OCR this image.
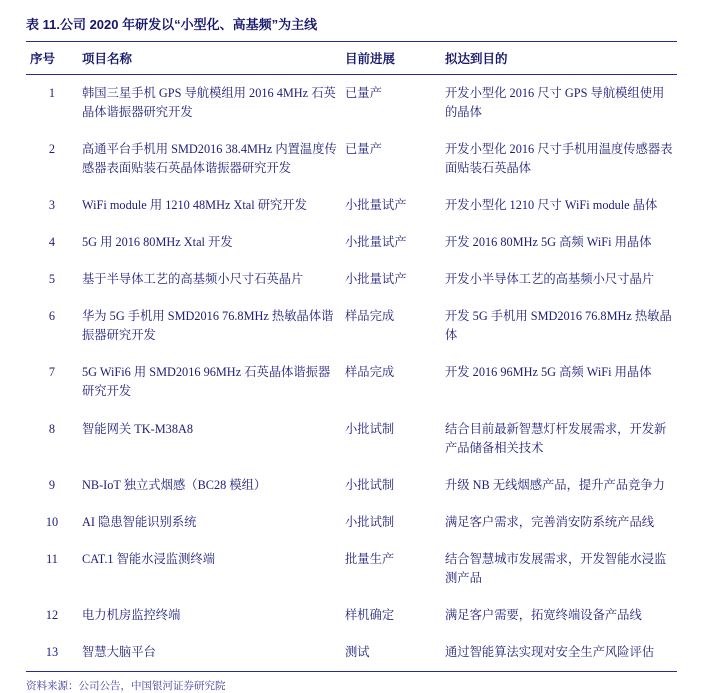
表 11.公司 2020 年研发以“小型化、高基频”为主线
序号	项目名称	目前进展	拟达到目的
1	韩国三星手机 GPS 导航模组用 2016 4MHz 石英晶体谐振器研究开发	已量产	开发小型化 2016 尺寸 GPS 导航模组使用的晶体
2	高通平台手机用 SMD2016 38.4MHz 内置温度传感器表面贴装石英晶体谐振器研究开发	已量产	开发小型化 2016 尺寸手机用温度传感器表面贴装石英晶体
3	WiFi module 用 1210 48MHz Xtal 研究开发	小批量试产	开发小型化 1210 尺寸 WiFi module 晶体
4	5G 用 2016 80MHz Xtal 开发	小批量试产	开发 2016 80MHz 5G 高频 WiFi 用晶体
5	基于半导体工艺的高基频小尺寸石英晶片	小批量试产	开发小半导体工艺的高基频小尺寸晶片
6	华为 5G 手机用 SMD2016 76.8MHz 热敏晶体谐振器研究开发	样品完成	开发 5G 手机用 SMD2016 76.8MHz 热敏晶体
7	5G WiFi6 用 SMD2016 96MHz 石英晶体谐振器研究开发	样品完成	开发 2016 96MHz 5G 高频 WiFi 用晶体
8	智能网关 TK-M38A8	小批试制	结合目前最新智慧灯杆发展需求，开发新产品储备相关技术
9	NB-IoT 独立式烟感（BC28 模组）	小批试制	升级 NB 无线烟感产品，提升产品竞争力
10	AI 隐患智能识别系统	小批试制	满足客户需求，完善消安防系统产品线
11	CAT.1 智能水浸监测终端	批量生产	结合智慧城市发展需求，开发智能水浸监测产品
12	电力机房监控终端	样机确定	满足客户需要，拓宽终端设备产品线
13	智慧大脑平台	测试	通过智能算法实现对安全生产风险评估
资料来源：公司公告，中国银河证券研究院
